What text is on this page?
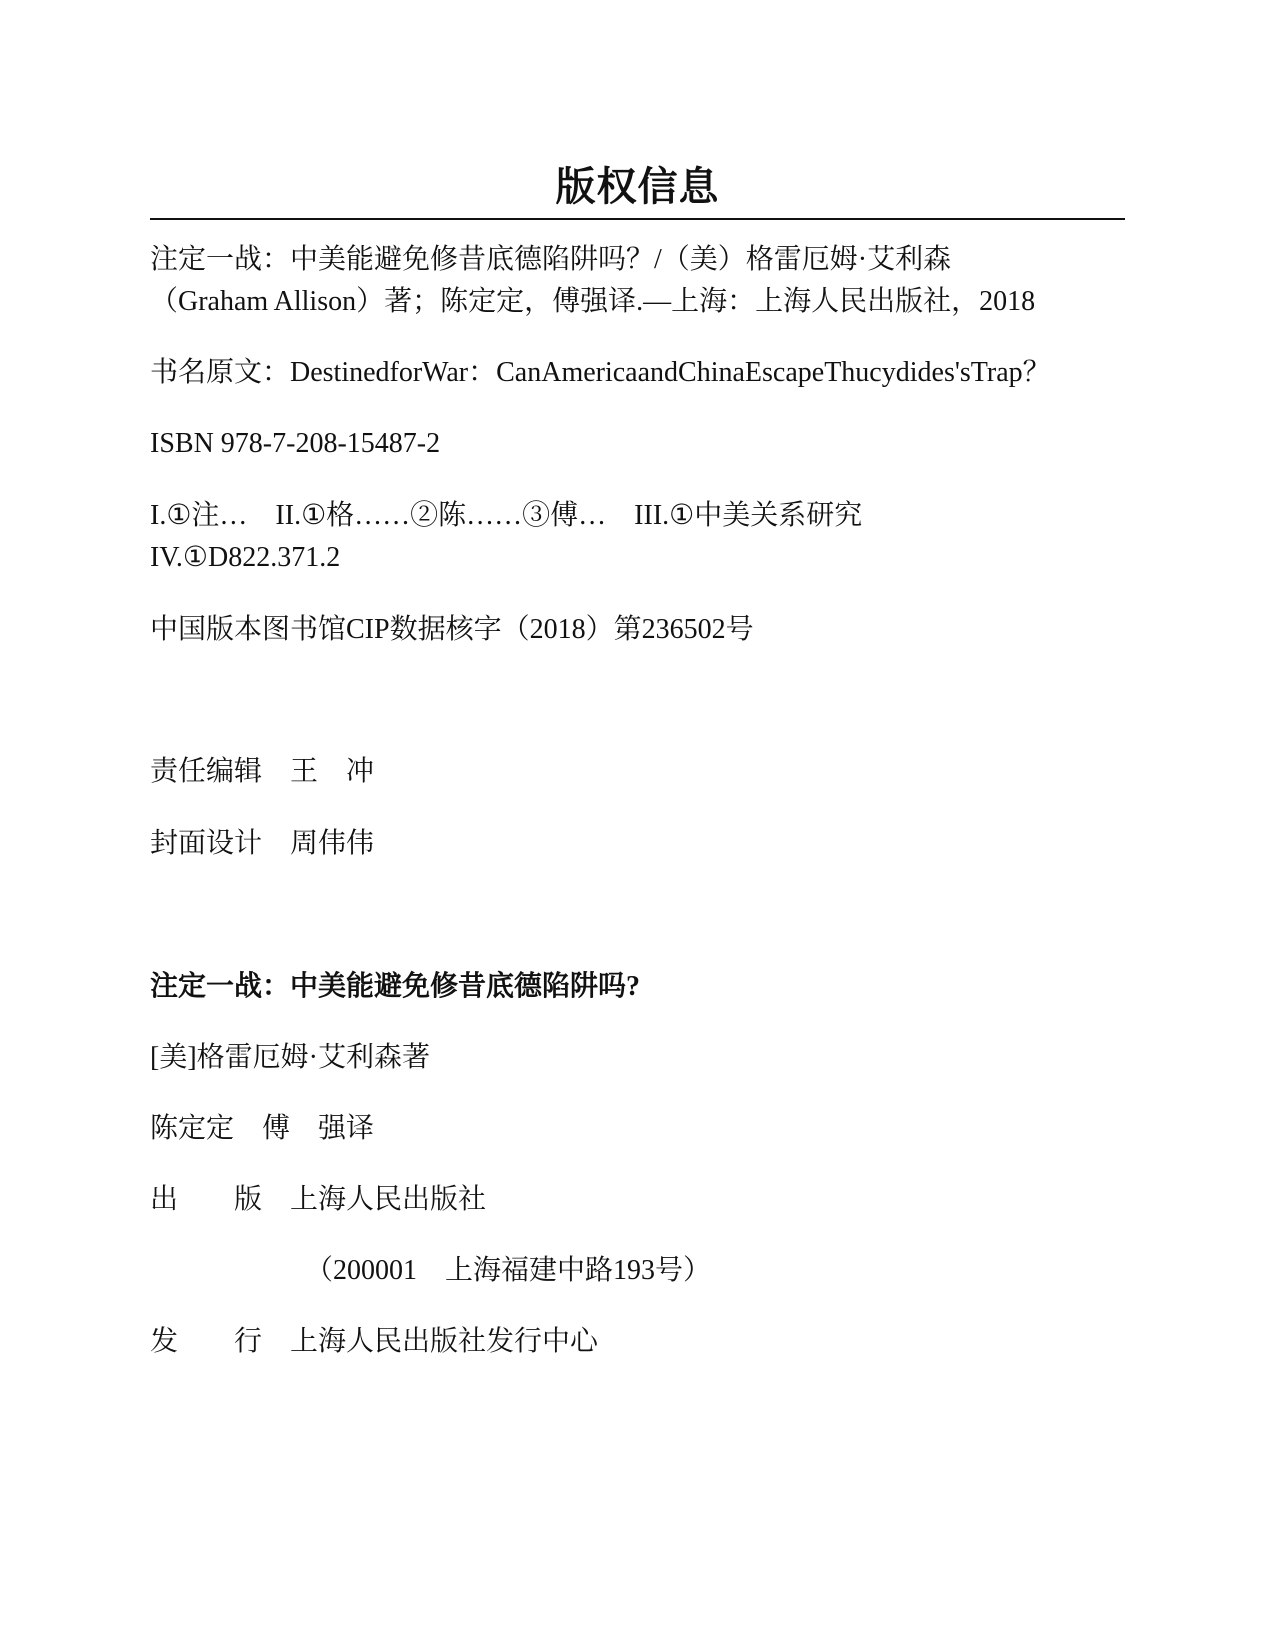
版权信息
注定一战：中美能避免修昔底德陷阱吗？/（美）格雷厄姆·艾利森
（Graham Allison）著；陈定定，傅强译.—上海：上海人民出版社，2018
书名原文：DestinedforWar：CanAmericaandChinaEscapeThucydides'sTrap？
ISBN 978-7-208-15487-2
I.①注…　II.①格……②陈……③傅…　III.①中美关系研究
IV.①D822.371.2
中国版本图书馆CIP数据核字（2018）第236502号
责任编辑　王　冲
封面设计　周伟伟
注定一战：中美能避免修昔底德陷阱吗?
[美]格雷厄姆·艾利森著
陈定定　傅　强译
出　　版　上海人民出版社
（200001　上海福建中路193号）
发　　行　上海人民出版社发行中心
